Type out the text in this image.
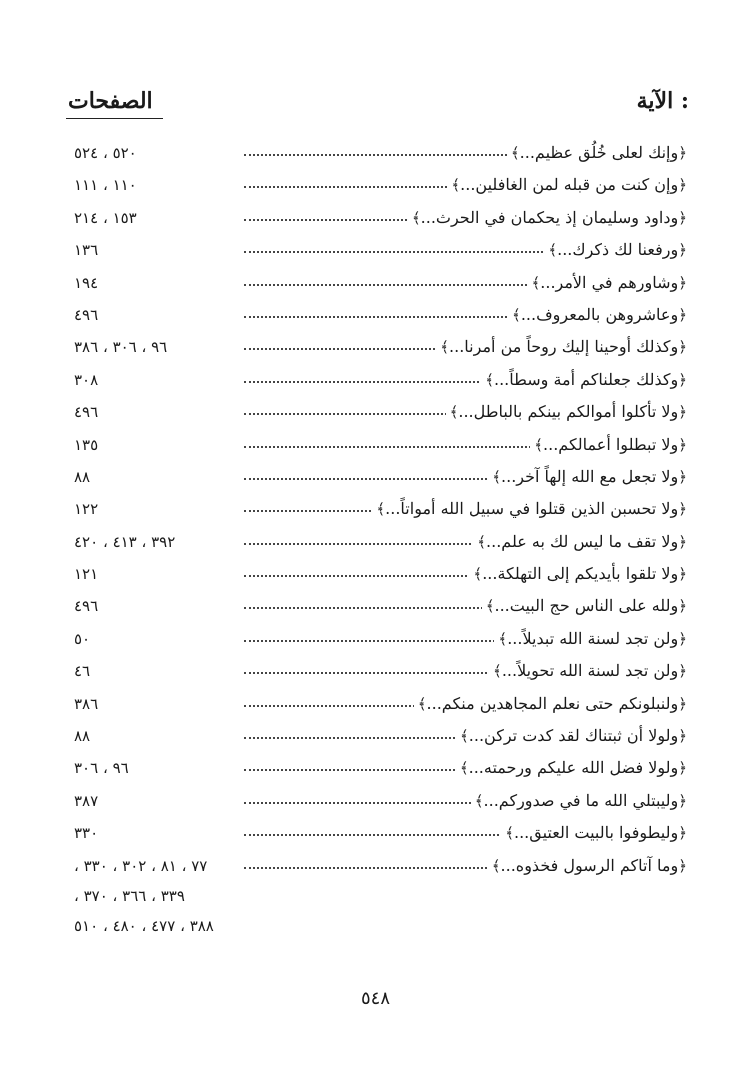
الآية :
الصفحات
﴿وإنك لعلى خُلُق عظيم...﴾
٥٢٠ ، ٥٢٤
﴿وإن كنت من قبله لمن الغافلين...﴾
١١٠ ، ١١١
﴿وداود وسليمان إذ يحكمان في الحرث...﴾
١٥٣ ، ٢١٤
﴿ورفعنا لك ذكرك...﴾
١٣٦
﴿وشاورهم في الأمر...﴾
١٩٤
﴿وعاشروهن بالمعروف...﴾
٤٩٦
﴿وكذلك أوحينا إليك روحاً من أمرنا...﴾
٩٦ ، ٣٠٦ ، ٣٨٦
﴿وكذلك جعلناكم أمة وسطاً...﴾
٣٠٨
﴿ولا تأكلوا أموالكم بينكم بالباطل...﴾
٤٩٦
﴿ولا تبطلوا أعمالكم...﴾
١٣٥
﴿ولا تجعل مع الله إلهاً آخر...﴾
٨٨
﴿ولا تحسبن الذين قتلوا في سبيل الله أمواتاً...﴾
١٢٢
﴿ولا تقف ما ليس لك به علم...﴾
٣٩٢ ، ٤١٣ ، ٤٢٠
﴿ولا تلقوا بأيديكم إلى التهلكة...﴾
١٢١
﴿ولله على الناس حج البيت...﴾
٤٩٦
﴿ولن تجد لسنة الله تبديلاً...﴾
٥٠
﴿ولن تجد لسنة الله تحويلاً...﴾
٤٦
﴿ولنبلونكم حتى نعلم المجاهدين منكم...﴾
٣٨٦
﴿ولولا أن ثبتناك لقد كدت تركن...﴾
٨٨
﴿ولولا فضل الله عليكم ورحمته...﴾
٩٦ ، ٣٠٦
﴿وليبتلي الله ما في صدوركم...﴾
٣٨٧
﴿وليطوفوا بالبيت العتيق...﴾
٣٣٠
﴿وما آتاكم الرسول فخذوه...﴾
٧٧ ، ٨١ ، ٣٠٢ ، ٣٣٠ ،
٣٣٩ ، ٣٦٦ ، ٣٧٠ ،
٣٨٨ ، ٤٧٧ ، ٤٨٠ ، ٥١٠
٥٤٨
